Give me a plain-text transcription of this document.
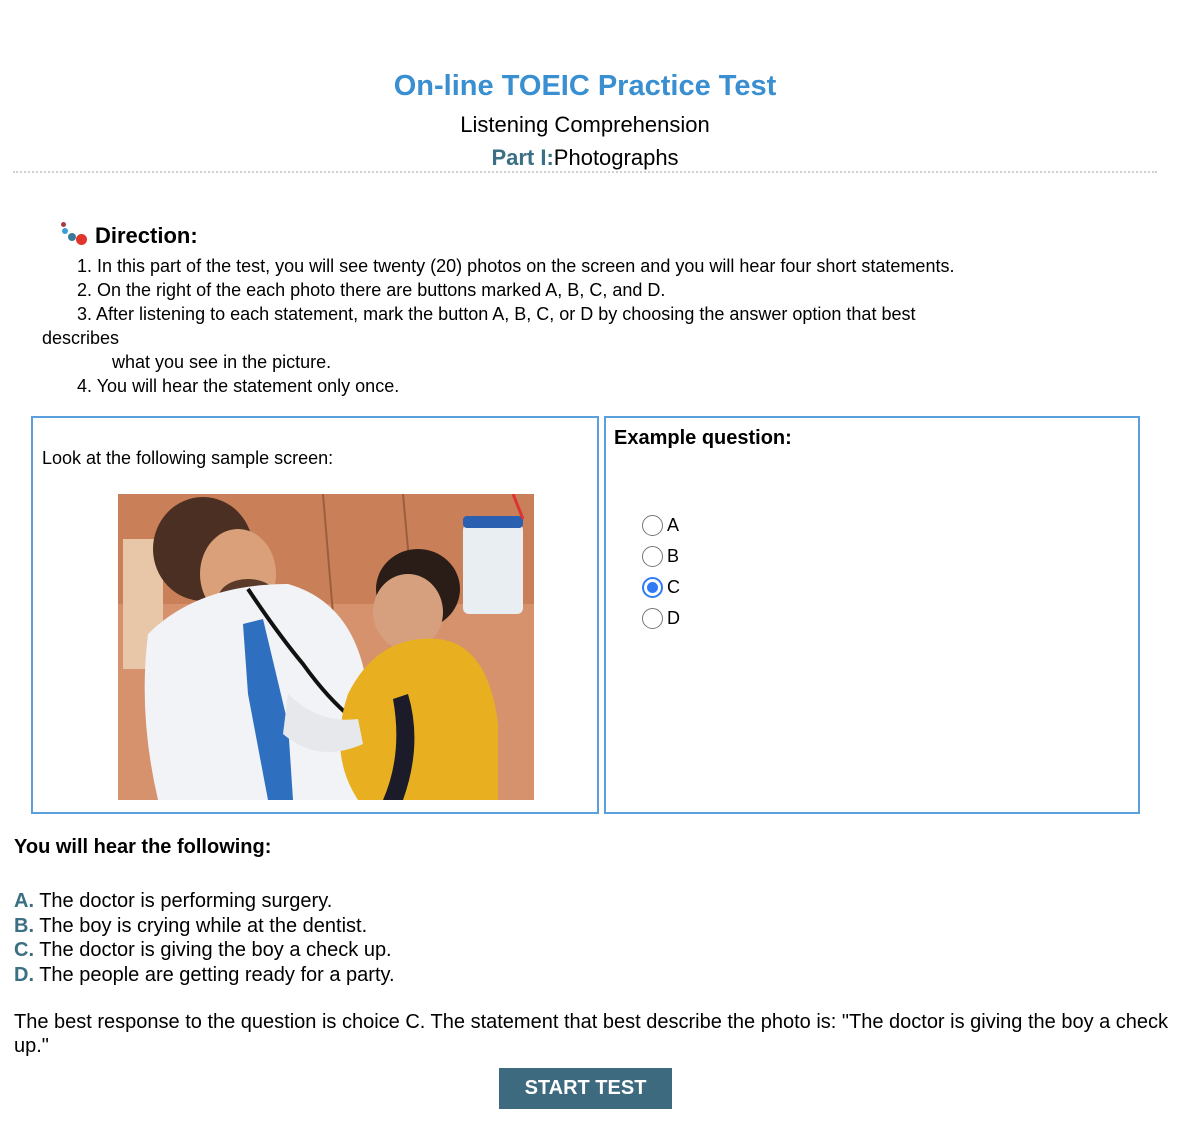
On-line TOEIC Practice Test
Listening Comprehension
Part I:Photographs
Direction:
1. In this part of the test, you will see twenty (20) photos on the screen and you will hear four short statements.
2. On the right of the each photo there are buttons marked A, B, C, and D.
3. After listening to each statement, mark the button A, B, C, or D by choosing the answer option that best
describes
what you see in the picture.
4. You will hear the statement only once.
Look at the following sample screen:
Example question:
A
B
C
D
You will hear the following:
A. The doctor is performing surgery.
B. The boy is crying while at the dentist.
C. The doctor is giving the boy a check up.
D. The people are getting ready for a party.
The best response to the question is choice C. The statement that best describe the photo is: "The doctor is giving the boy a check up."
START TEST
